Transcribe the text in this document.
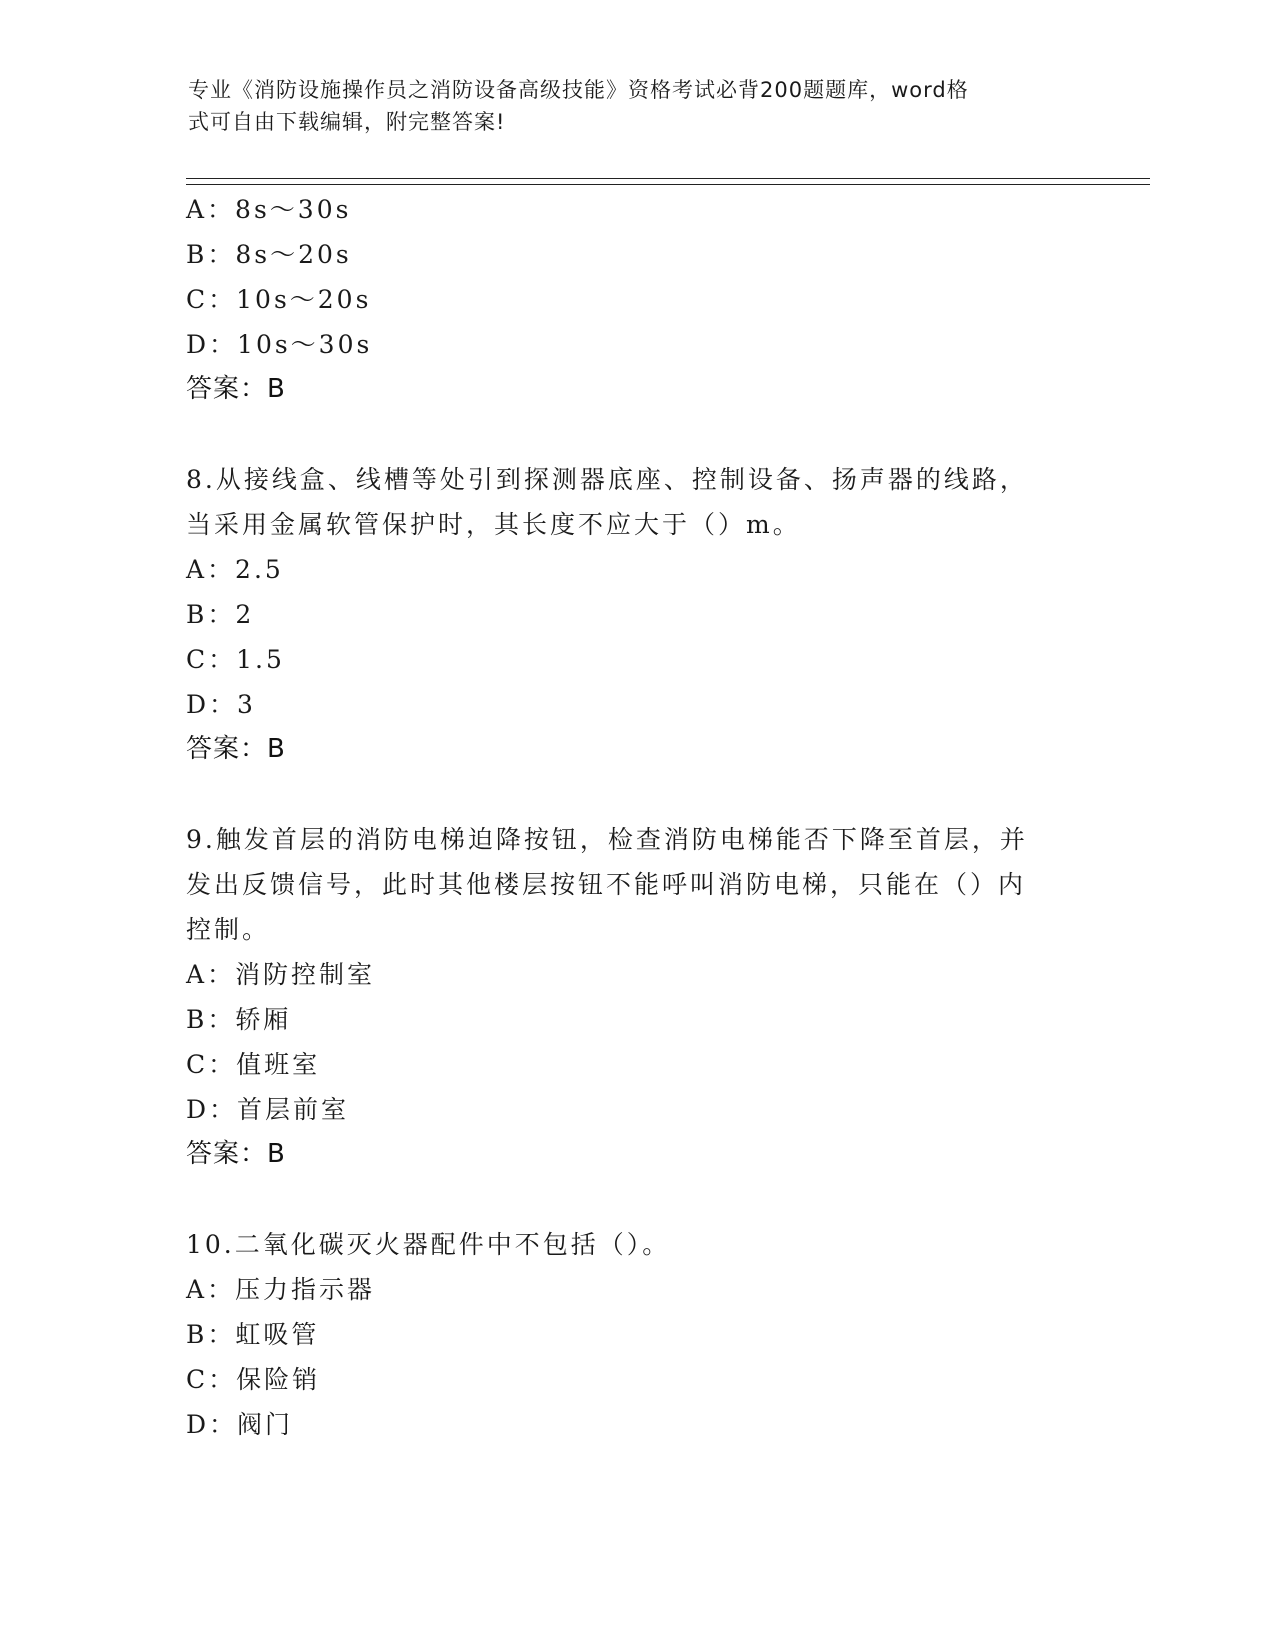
专业《消防设施操作员之消防设备高级技能》资格考试必背200题题库，word格
式可自由下载编辑，附完整答案!
A：8s～30s
B：8s～20s
C：10s～20s
D：10s～30s
答案：B
8.从接线盒、线槽等处引到探测器底座、控制设备、扬声器的线路，
当采用金属软管保护时，其长度不应大于（）m。
A：2.5
B：2
C：1.5
D：3
答案：B
9.触发首层的消防电梯迫降按钮，检查消防电梯能否下降至首层，并
发出反馈信号，此时其他楼层按钮不能呼叫消防电梯，只能在（）内
控制。
A：消防控制室
B：轿厢
C：值班室
D：首层前室
答案：B
10.二氧化碳灭火器配件中不包括（）。
A：压力指示器
B：虹吸管
C：保险销
D：阀门
